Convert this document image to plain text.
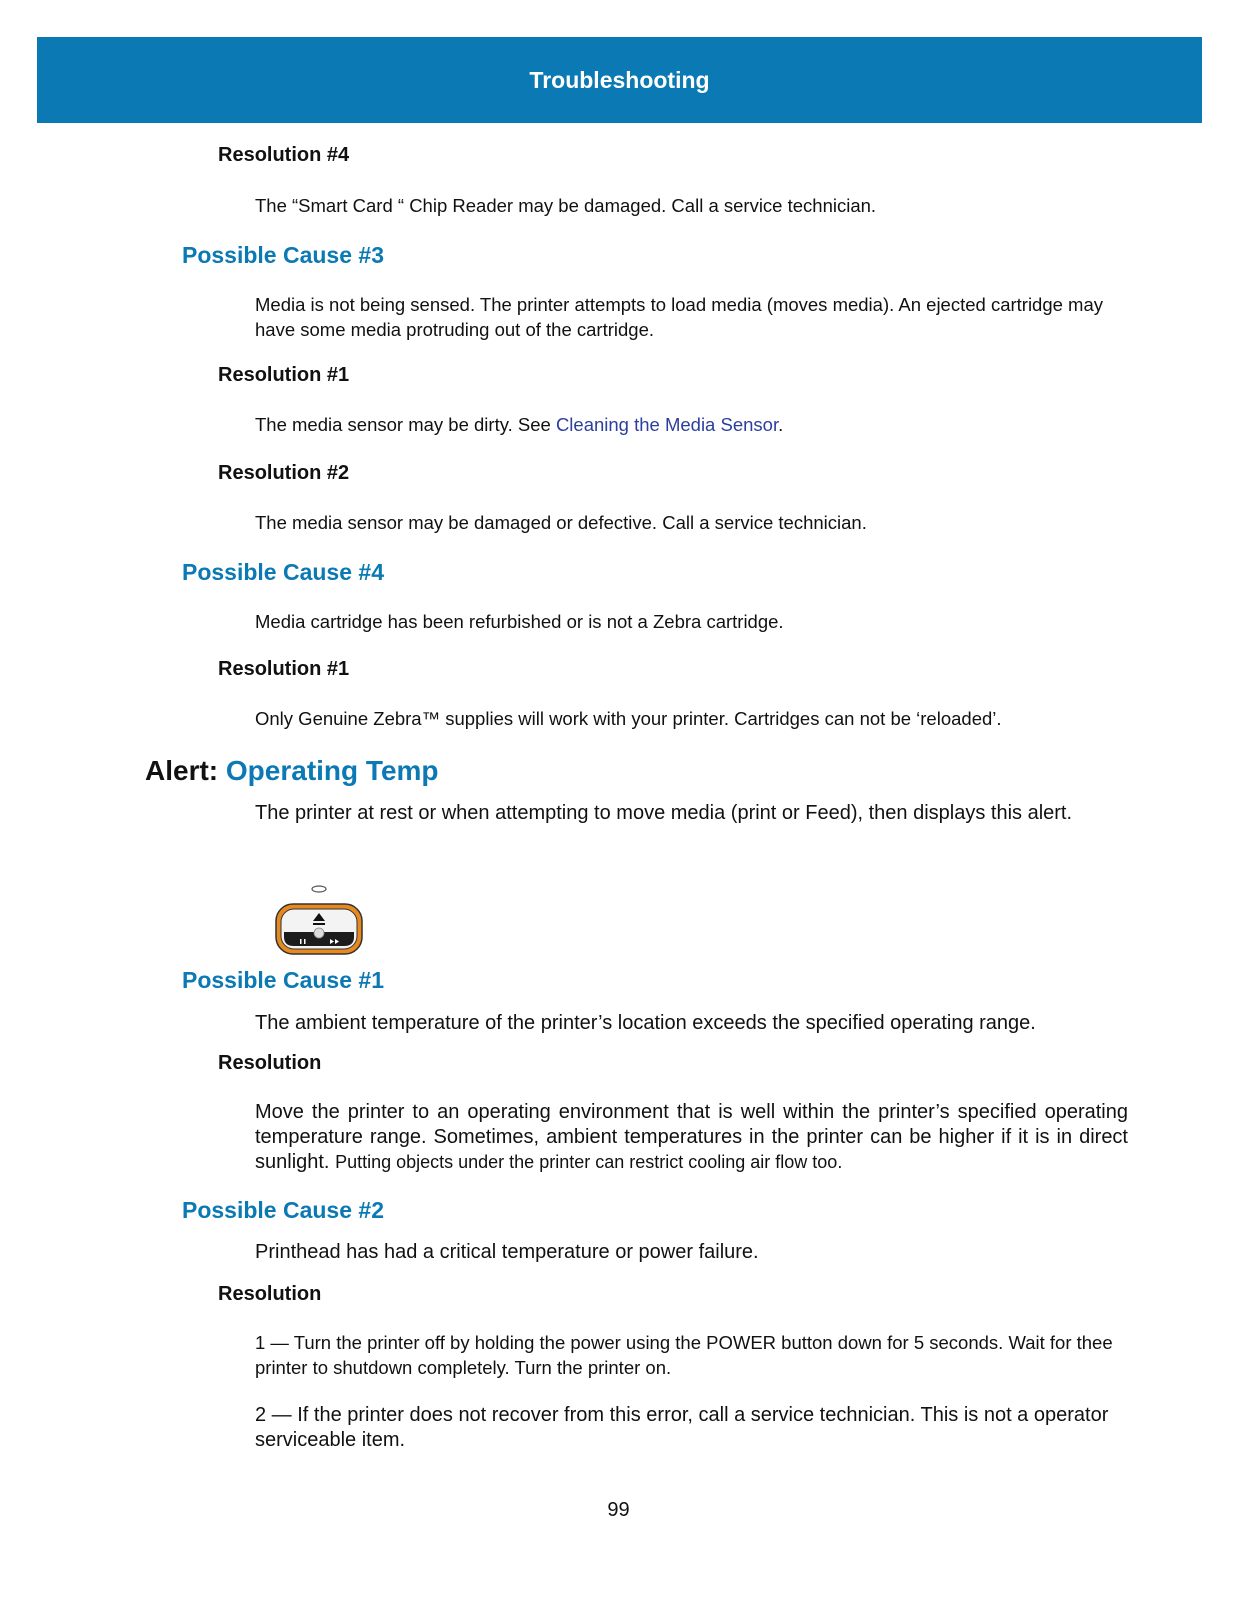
Troubleshooting

Resolution #4

The “Smart Card “ Chip Reader may be damaged. Call a service technician.

Possible Cause #3

Media is not being sensed. The printer attempts to load media (moves media). An ejected cartridge may have some media protruding out of the cartridge.

Resolution #1

The media sensor may be dirty. See Cleaning the Media Sensor.

Resolution #2

The media sensor may be damaged or defective. Call a service technician.

Possible Cause #4

Media cartridge has been refurbished or is not a Zebra cartridge.

Resolution #1

Only Genuine Zebra™ supplies will work with your printer. Cartridges can not be ‘reloaded’.

Alert: Operating Temp

The printer at rest or when attempting to move media (print or Feed), then displays this alert.

Possible Cause #1

The ambient temperature of the printer’s location exceeds the specified operating range.

Resolution

Move the printer to an operating environment that is well within the printer’s specified operating temperature range. Sometimes, ambient temperatures in the printer can be higher if it is in direct sunlight. Putting objects under the printer can restrict cooling air flow too.

Possible Cause #2

Printhead has had a critical temperature or power failure.

Resolution

1 — Turn the printer off by holding the power using the POWER button down for 5 seconds. Wait for thee printer to shutdown completely. Turn the printer on.

2 — If the printer does not recover from this error, call a service technician. This is not a operator serviceable item.

99
